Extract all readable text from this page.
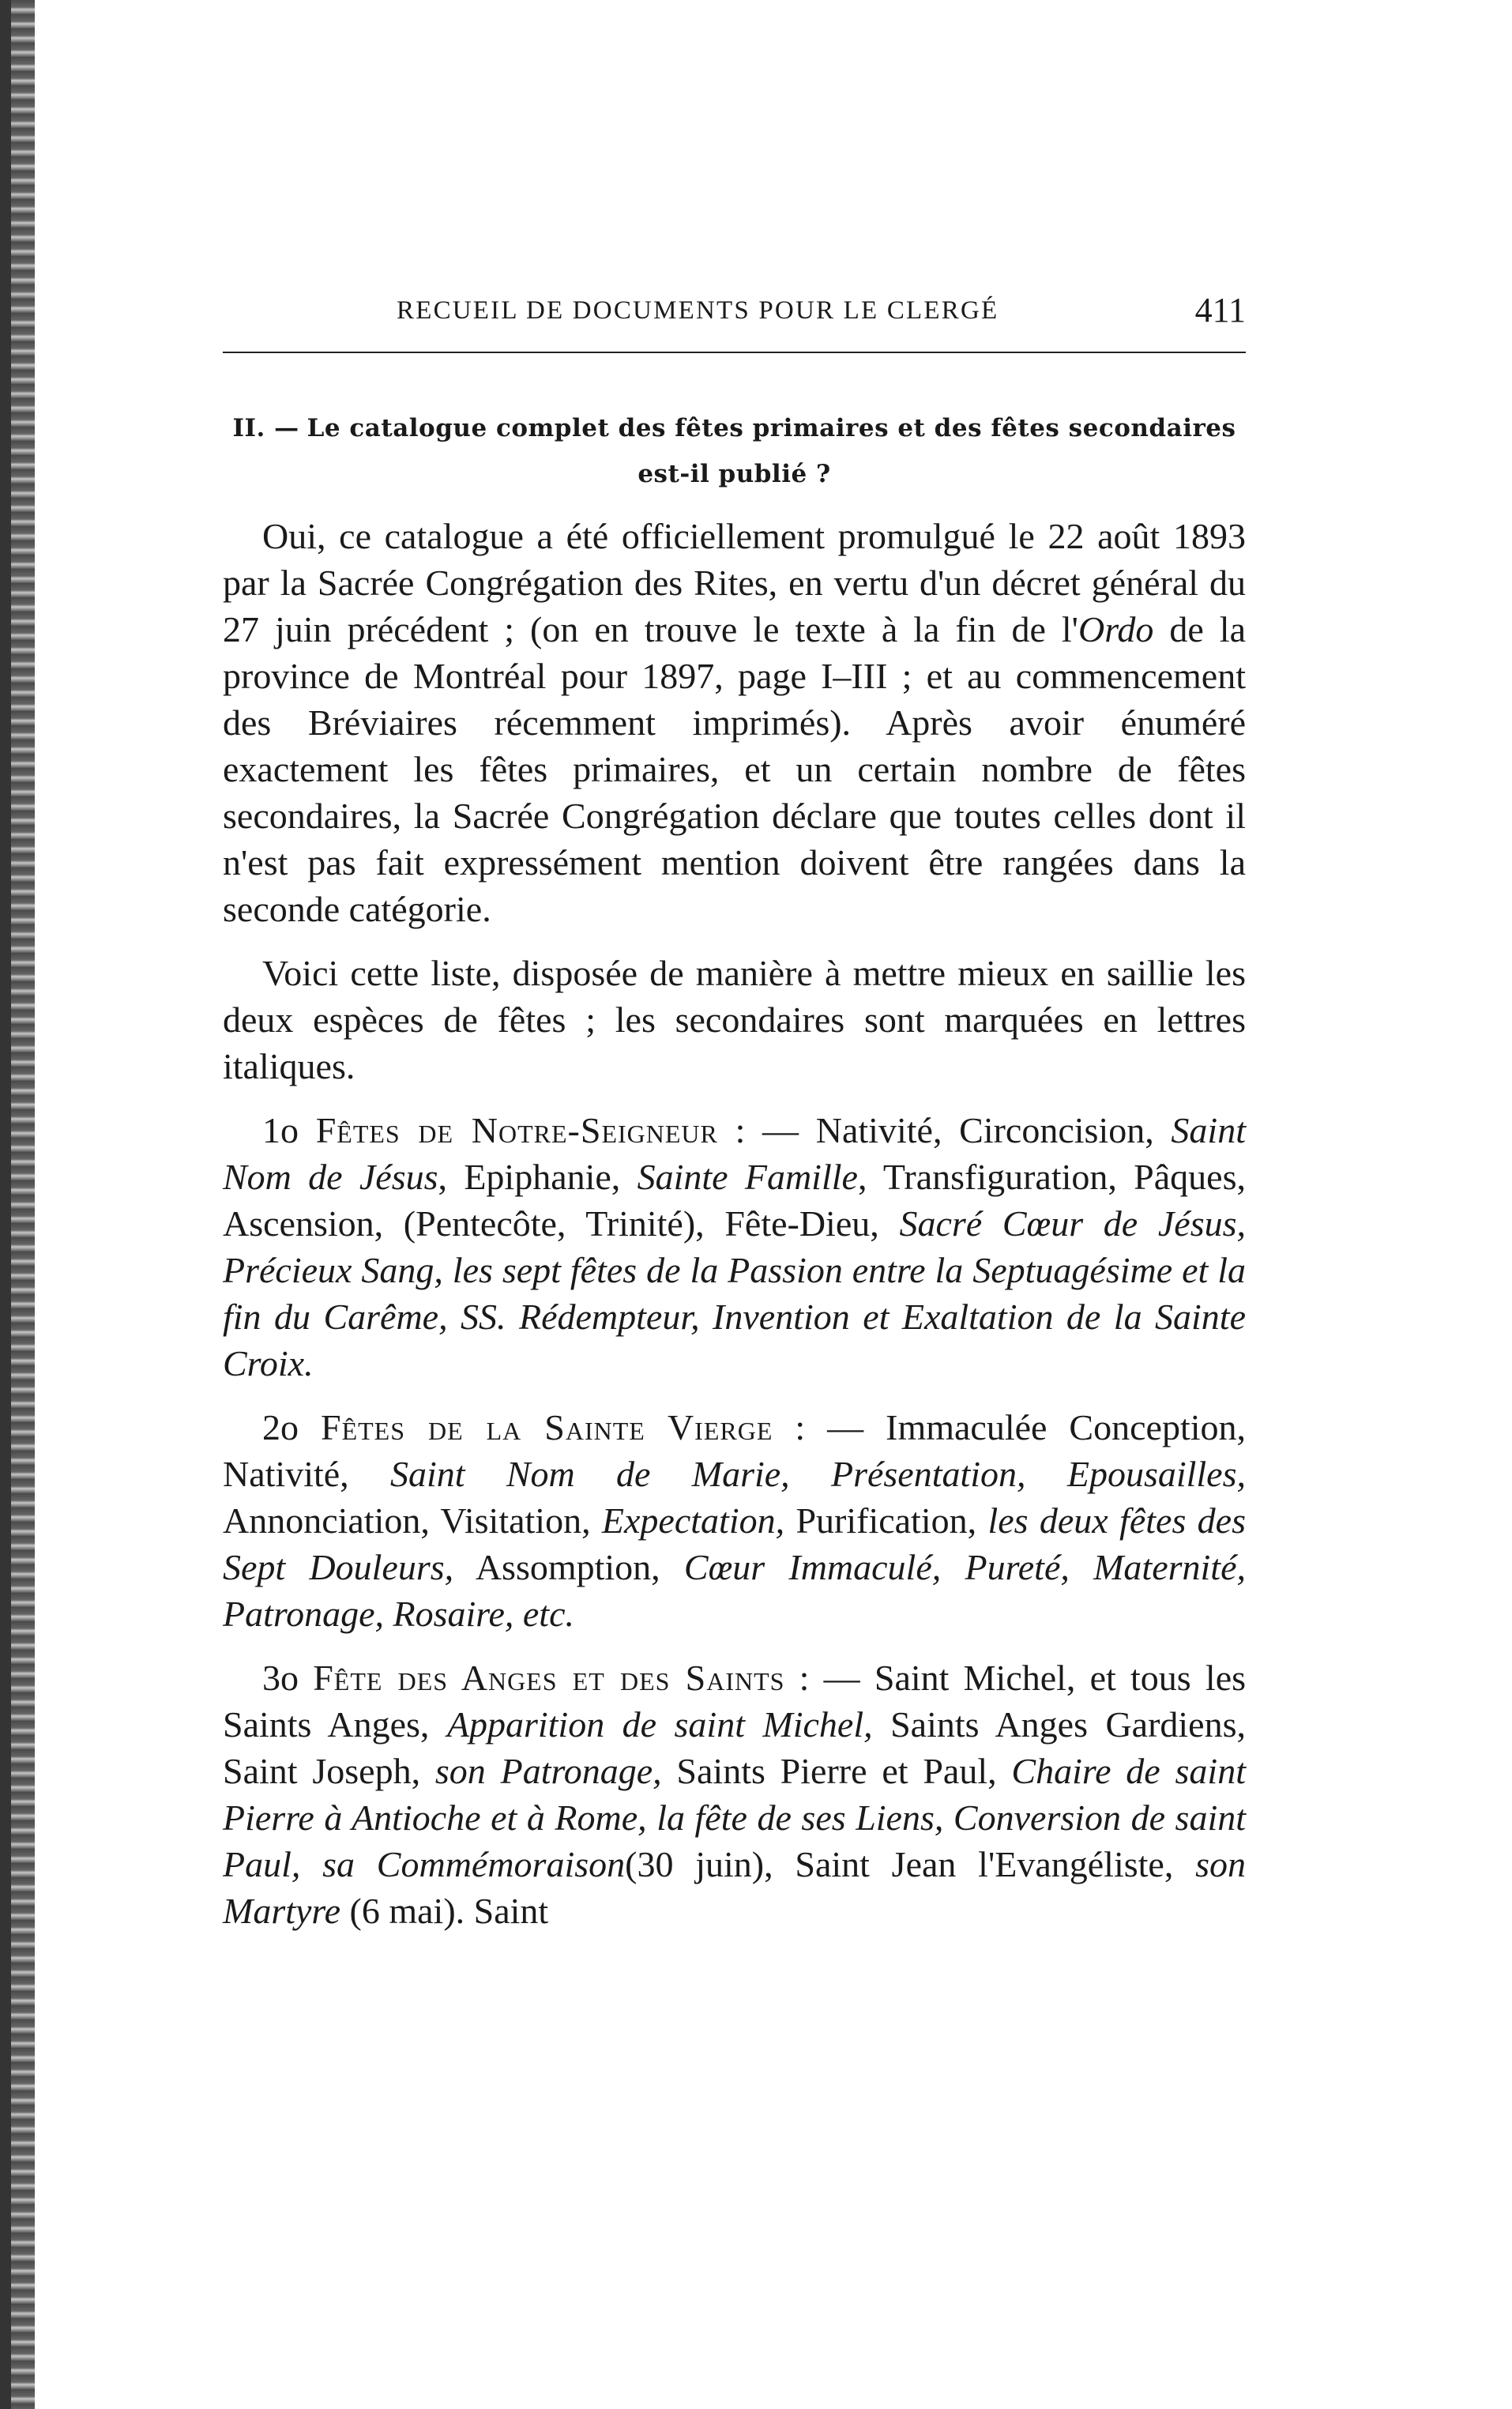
RECUEIL DE DOCUMENTS POUR LE CLERGÉ	411
II. — Le catalogue complet des fêtes primaires et des fêtes secondaires est-il publié ?

Oui, ce catalogue a été officiellement promulgué le 22 août 1893 par la Sacrée Congrégation des Rites, en vertu d'un décret général du 27 juin précédent ; (on en trouve le texte à la fin de l'Ordo de la province de Montréal pour 1897, page I–III ; et au commencement des Bréviaires récemment imprimés). Après avoir énuméré exactement les fêtes primaires, et un certain nombre de fêtes secondaires, la Sacrée Congrégation déclare que toutes celles dont il n'est pas fait expressément mention doivent être rangées dans la seconde catégorie.

Voici cette liste, disposée de manière à mettre mieux en saillie les deux espèces de fêtes ; les secondaires sont marquées en lettres italiques.

1o Fêtes de Notre-Seigneur : — Nativité, Circoncision, Saint Nom de Jésus, Epiphanie, Sainte Famille, Transfiguration, Pâques, Ascension, (Pentecôte, Trinité), Fête-Dieu, Sacré Cœur de Jésus, Précieux Sang, les sept fêtes de la Passion entre la Septuagésime et la fin du Carême, SS. Rédempteur, Invention et Exaltation de la Sainte Croix.

2o Fêtes de la Sainte Vierge : — Immaculée Conception, Nativité, Saint Nom de Marie, Présentation, Epousailles, Annonciation, Visitation, Expectation, Purification, les deux fêtes des Sept Douleurs, Assomption, Cœur Immaculé, Pureté, Maternité, Patronage, Rosaire, etc.

3o Fête des Anges et des Saints : — Saint Michel, et tous les Saints Anges, Apparition de saint Michel, Saints Anges Gardiens, Saint Joseph, son Patronage, Saints Pierre et Paul, Chaire de saint Pierre à Antioche et à Rome, la fête de ses Liens, Conversion de saint Paul, sa Commémoraison(30 juin), Saint Jean l'Evangéliste, son Martyre (6 mai). Saint
